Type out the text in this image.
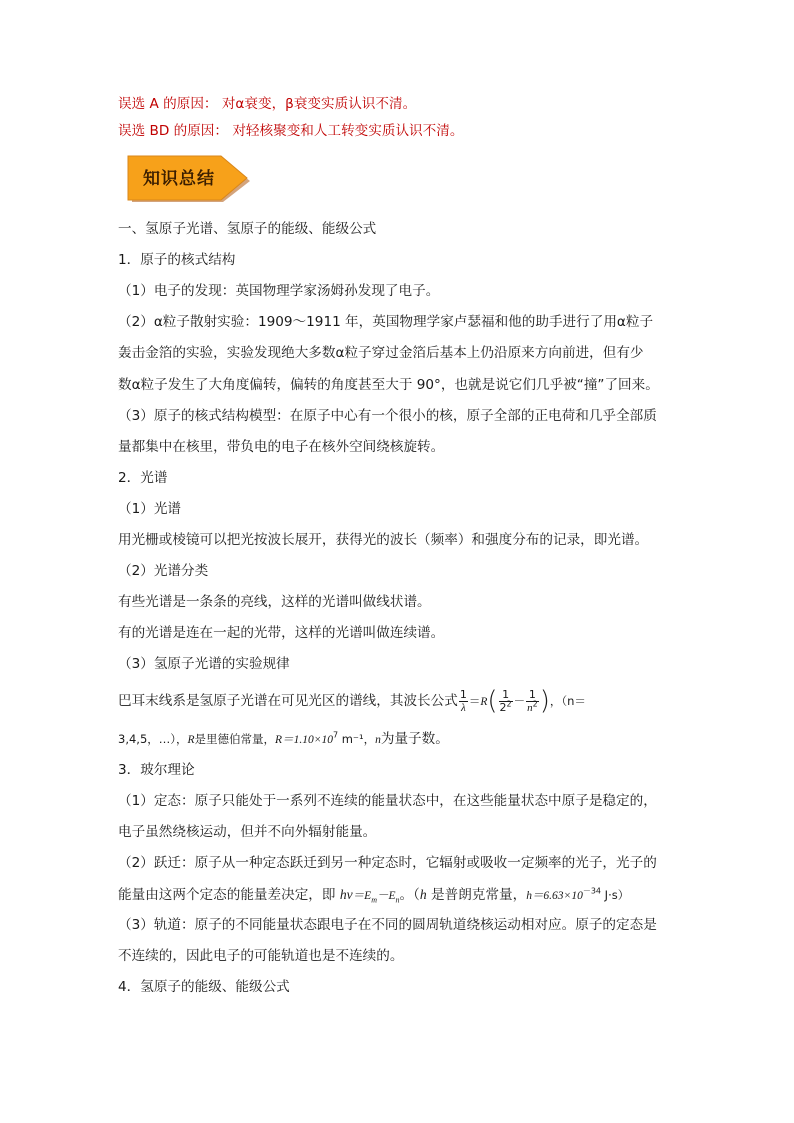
误选 A 的原因： 对α衰变，β衰变实质认识不清。
误选 BD 的原因： 对轻核聚变和人工转变实质认识不清。
知识总结
一、氢原子光谱、氢原子的能级、能级公式
1．原子的核式结构
（1）电子的发现：英国物理学家汤姆孙发现了电子。
（2）α粒子散射实验：1909～1911 年，英国物理学家卢瑟福和他的助手进行了用α粒子
轰击金箔的实验，实验发现绝大多数α粒子穿过金箔后基本上仍沿原来方向前进，但有少
数α粒子发生了大角度偏转，偏转的角度甚至大于 90°，也就是说它们几乎被“撞”了回来。
（3）原子的核式结构模型：在原子中心有一个很小的核，原子全部的正电荷和几乎全部质
量都集中在核里，带负电的电子在核外空间绕核旋转。
2．光谱
（1）光谱
用光栅或棱镜可以把光按波长展开，获得光的波长（频率）和强度分布的记录，即光谱。
（2）光谱分类
有些光谱是一条条的亮线，这样的光谱叫做线状谱。
有的光谱是连在一起的光带，这样的光谱叫做连续谱。
（3）氢原子光谱的实验规律
巴耳末线系是氢原子光谱在可见光区的谱线，其波长公式 $\frac{1}{\lambda} =R( \frac{1}{2^2} - \frac{1}{n^2}$ )，（n＝
3,4,5，…），R是里德伯常量，$R=1.10\times 10^7$ m⁻¹，n为量子数。
3．玻尔理论
（1）定态：原子只能处于一系列不连续的能量状态中，在这些能量状态中原子是稳定的，
电子虽然绕核运动，但并不向外辐射能量。
（2）跃迁：原子从一种定态跃迁到另一种定态时，它辐射或吸收一定频率的光子，光子的
能量由这两个定态的能量差决定，即 $h\nu=E_m-E_n$。（h 是普朗克常量，$h=6.63\times 10^{-34}$ J·s）
（3）轨道：原子的不同能量状态跟电子在不同的圆周轨道绕核运动相对应。原子的定态是
不连续的，因此电子的可能轨道也是不连续的。
4．氢原子的能级、能级公式
